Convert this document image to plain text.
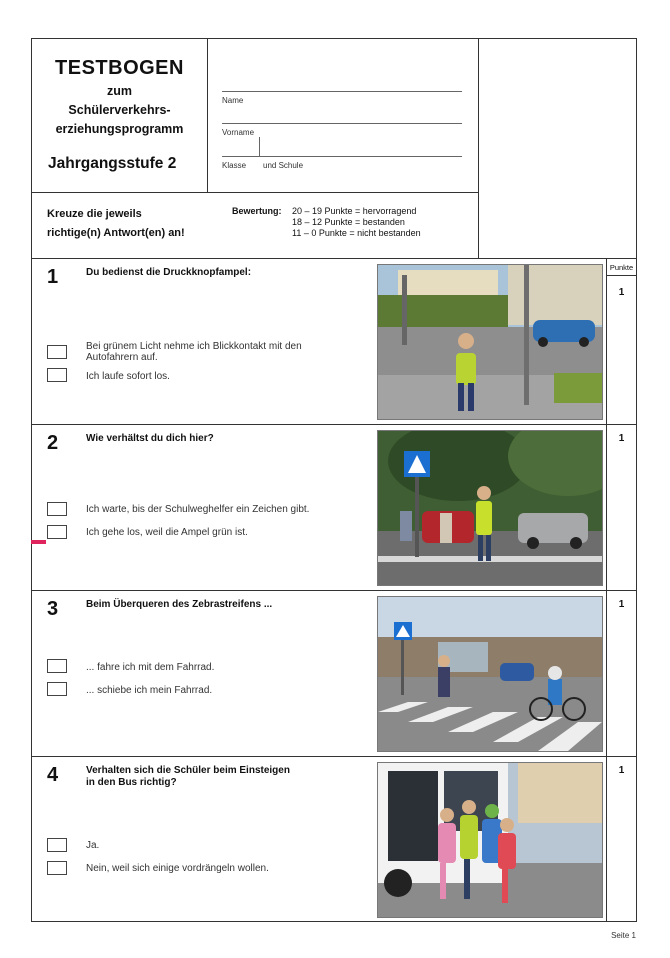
TESTBOGEN
zum
Schülerverkehrs-
erziehungsprogramm
Jahrgangsstufe 2
Name
Vorname
Klasse und Schule
Kreuze die jeweils
richtige(n) Antwort(en) an!
Bewertung: 20 – 19 Punkte = hervorragend
18 – 12 Punkte = bestanden
11 – 0 Punkte = nicht bestanden
Punkte
1	Du bedienst die Druckknopfampel:
Bei grünem Licht nehme ich Blickkontakt mit den
Autofahrern auf.
Ich laufe sofort los.
1
2	Wie verhältst du dich hier?
Ich warte, bis der Schulweghelfer ein Zeichen gibt.
Ich gehe los, weil die Ampel grün ist.
1
3	Beim Überqueren des Zebrastreifens ...
... fahre ich mit dem Fahrrad.
... schiebe ich mein Fahrrad.
1
4	Verhalten sich die Schüler beim Einsteigen
in den Bus richtig?
Ja.
Nein, weil sich einige vordrängeln wollen.
1
Seite 1
